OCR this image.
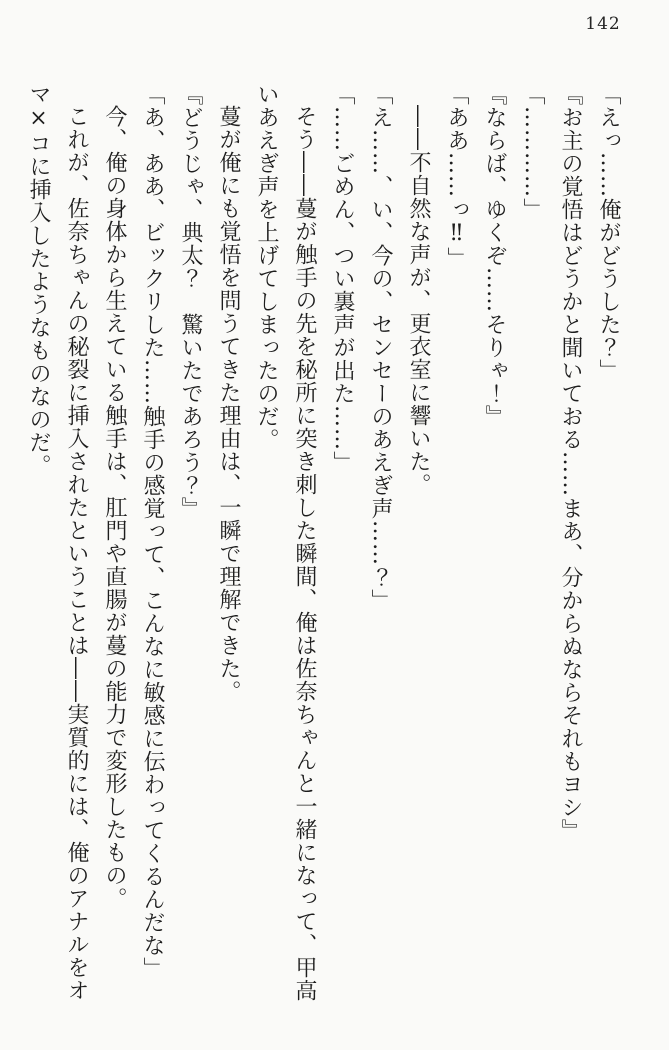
142

「えっ……俺がどうした？」

『お主の覚悟はどうかと聞いておる……まあ、分からぬならそれもヨシ』

「…………」

『ならば、ゆくぞ……そりゃ！』

「ああ……っ‼」

――不自然な声が、更衣室に響いた。

「え……、い、今の、センセーのあえぎ声……？」

「……ごめん、つい裏声が出た……」

そう――蔓が触手の先を秘所に突き刺した瞬間、俺は佐奈ちゃんと一緒になって、甲高

いあえぎ声を上げてしまったのだ。

蔓が俺にも覚悟を問うてきた理由は、一瞬で理解できた。

『どうじゃ、典太？　驚いたであろう？』

「あ、ああ、ビックリした……触手の感覚って、こんなに敏感に伝わってくるんだな」

今、俺の身体から生えている触手は、肛門や直腸が蔓の能力で変形したもの。

これが、佐奈ちゃんの秘裂に挿入されたということは――実質的には、俺のアナルをオ

マ×コに挿入したようなものなのだ。
